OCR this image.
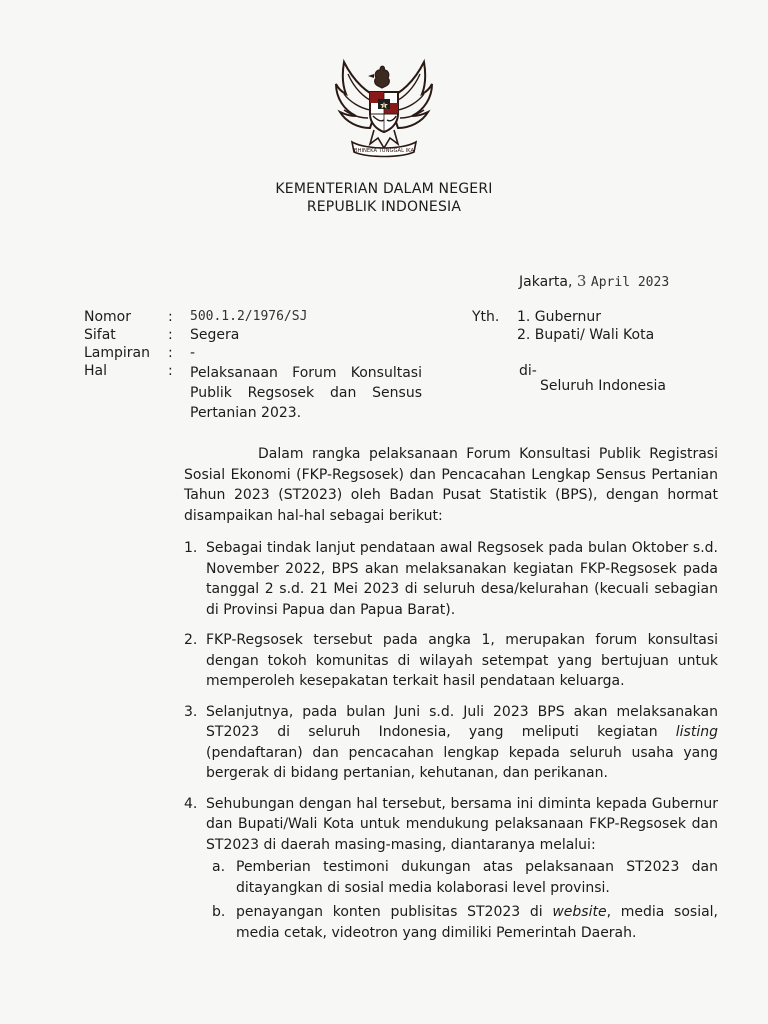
BHINEKA TUNGGAL IKA
KEMENTERIAN DALAM NEGERI
REPUBLIK INDONESIA
Jakarta, 3 April 2023
Nomor	: 500.1.2/1976/SJ
Sifat	: Segera
Lampiran : -
Hal	: Pelaksanaan Forum Konsultasi
Publik Regsosek dan Sensus
Pertanian 2023.
Yth. 1. Gubernur
2. Bupati/ Wali Kota
di-
Seluruh Indonesia

Dalam rangka pelaksanaan Forum Konsultasi Publik Registrasi Sosial Ekonomi (FKP-Regsosek) dan Pencacahan Lengkap Sensus Pertanian Tahun 2023 (ST2023) oleh Badan Pusat Statistik (BPS), dengan hormat disampaikan hal-hal sebagai berikut:

1. Sebagai tindak lanjut pendataan awal Regsosek pada bulan Oktober s.d. November 2022, BPS akan melaksanakan kegiatan FKP-Regsosek pada tanggal 2 s.d. 21 Mei 2023 di seluruh desa/kelurahan (kecuali sebagian di Provinsi Papua dan Papua Barat).
2. FKP-Regsosek tersebut pada angka 1, merupakan forum konsultasi dengan tokoh komunitas di wilayah setempat yang bertujuan untuk memperoleh kesepakatan terkait hasil pendataan keluarga.
3. Selanjutnya, pada bulan Juni s.d. Juli 2023 BPS akan melaksanakan ST2023 di seluruh Indonesia, yang meliputi kegiatan listing (pendaftaran) dan pencacahan lengkap kepada seluruh usaha yang bergerak di bidang pertanian, kehutanan, dan perikanan.
4. Sehubungan dengan hal tersebut, bersama ini diminta kepada Gubernur dan Bupati/Wali Kota untuk mendukung pelaksanaan FKP-Regsosek dan ST2023 di daerah masing-masing, diantaranya melalui:
a. Pemberian testimoni dukungan atas pelaksanaan ST2023 dan ditayangkan di sosial media kolaborasi level provinsi.
b. penayangan konten publisitas ST2023 di website, media sosial, media cetak, videotron yang dimiliki Pemerintah Daerah.
